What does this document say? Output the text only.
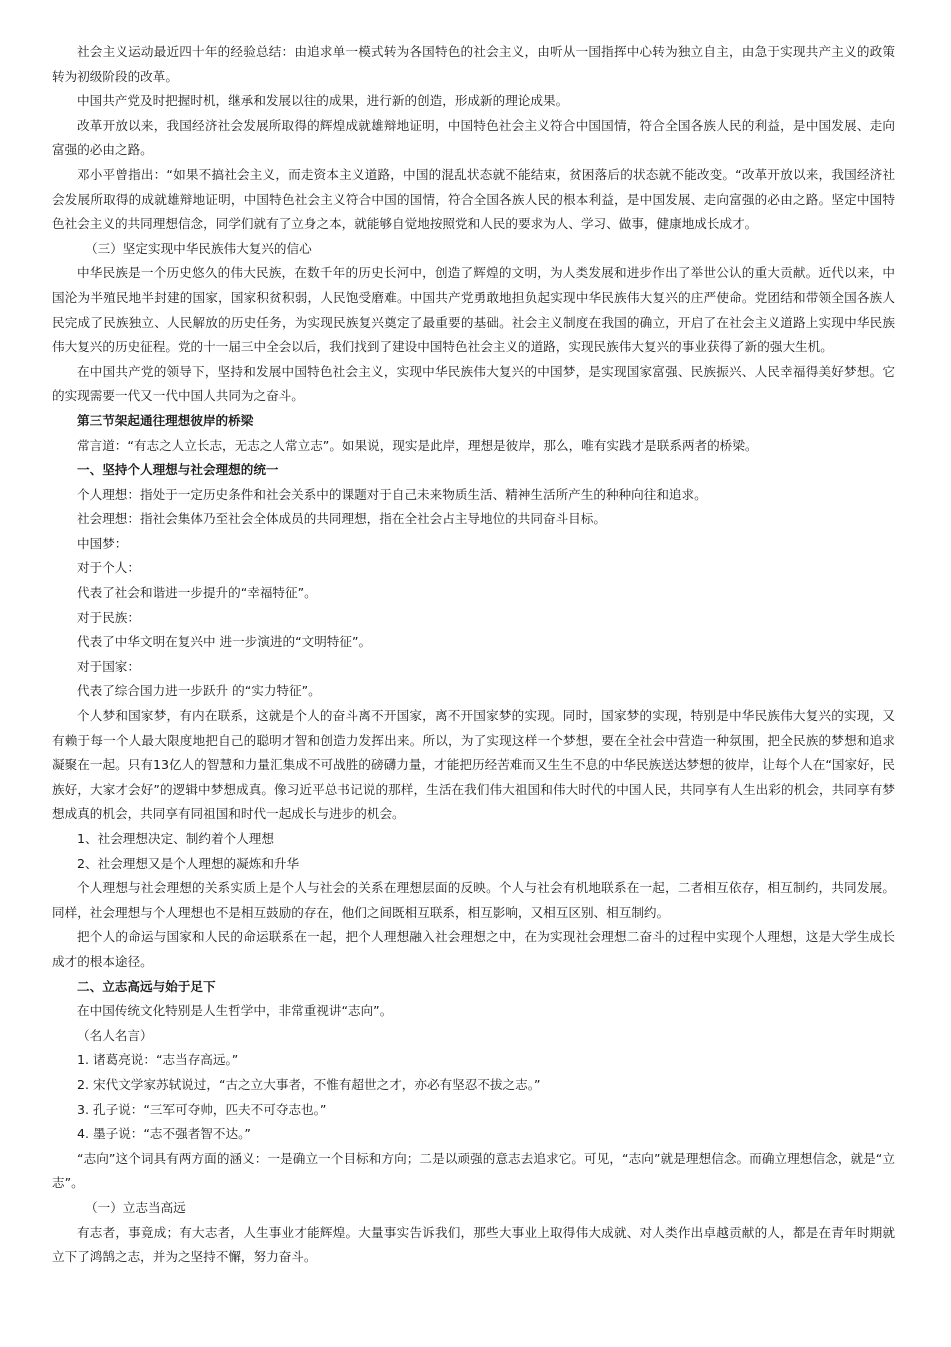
社会主义运动最近四十年的经验总结：由追求单一模式转为各国特色的社会主义，由听从一国指挥中心转为独立自主，由急于实现共产主义的政策转为初级阶段的改革。

中国共产党及时把握时机，继承和发展以往的成果，进行新的创造，形成新的理论成果。

改革开放以来，我国经济社会发展所取得的辉煌成就雄辩地证明，中国特色社会主义符合中国国情，符合全国各族人民的利益，是中国发展、走向富强的必由之路。

邓小平曾指出：“如果不搞社会主义，而走资本主义道路，中国的混乱状态就不能结束，贫困落后的状态就不能改变。“改革开放以来，我国经济社会发展所取得的成就雄辩地证明，中国特色社会主义符合中国的国情，符合全国各族人民的根本利益，是中国发展、走向富强的必由之路。坚定中国特色社会主义的共同理想信念，同学们就有了立身之本，就能够自觉地按照党和人民的要求为人、学习、做事，健康地成长成才。

（三）坚定实现中华民族伟大复兴的信心

中华民族是一个历史悠久的伟大民族，在数千年的历史长河中，创造了辉煌的文明，为人类发展和进步作出了举世公认的重大贡献。近代以来，中国沦为半殖民地半封建的国家，国家积贫积弱，人民饱受磨难。中国共产党勇敢地担负起实现中华民族伟大复兴的庄严使命。党团结和带领全国各族人民完成了民族独立、人民解放的历史任务，为实现民族复兴奠定了最重要的基础。社会主义制度在我国的确立，开启了在社会主义道路上实现中华民族伟大复兴的历史征程。党的十一届三中全会以后，我们找到了建设中国特色社会主义的道路，实现民族伟大复兴的事业获得了新的强大生机。

在中国共产党的领导下，坚持和发展中国特色社会主义，实现中华民族伟大复兴的中国梦，是实现国家富强、民族振兴、人民幸福得美好梦想。它的实现需要一代又一代中国人共同为之奋斗。

第三节架起通往理想彼岸的桥梁

常言道：“有志之人立长志，无志之人常立志”。如果说，现实是此岸，理想是彼岸，那么，唯有实践才是联系两者的桥梁。

一、坚持个人理想与社会理想的统一

个人理想：指处于一定历史条件和社会关系中的课题对于自己未来物质生活、精神生活所产生的种种向往和追求。

社会理想：指社会集体乃至社会全体成员的共同理想，指在全社会占主导地位的共同奋斗目标。

中国梦：

对于个人：

代表了社会和谐进一步提升的“幸福特征”。

对于民族：

代表了中华文明在复兴中 进一步演进的“文明特征”。

对于国家：

代表了综合国力进一步跃升 的“实力特征”。

个人梦和国家梦，有内在联系，这就是个人的奋斗离不开国家，离不开国家梦的实现。同时，国家梦的实现，特别是中华民族伟大复兴的实现，又有赖于每一个人最大限度地把自己的聪明才智和创造力发挥出来。所以，为了实现这样一个梦想，要在全社会中营造一种氛围，把全民族的梦想和追求凝聚在一起。只有13亿人的智慧和力量汇集成不可战胜的磅礴力量，才能把历经苦难而又生生不息的中华民族送达梦想的彼岸，让每个人在“国家好，民族好，大家才会好”的逻辑中梦想成真。像习近平总书记说的那样，生活在我们伟大祖国和伟大时代的中国人民，共同享有人生出彩的机会，共同享有梦想成真的机会，共同享有同祖国和时代一起成长与进步的机会。

1、社会理想决定、制约着个人理想

2、社会理想又是个人理想的凝炼和升华

个人理想与社会理想的关系实质上是个人与社会的关系在理想层面的反映。个人与社会有机地联系在一起，二者相互依存，相互制约，共同发展。同样，社会理想与个人理想也不是相互鼓励的存在，他们之间既相互联系，相互影响，又相互区别、相互制约。

把个人的命运与国家和人民的命运联系在一起，把个人理想融入社会理想之中，在为实现社会理想二奋斗的过程中实现个人理想，这是大学生成长成才的根本途径。

二、立志高远与始于足下

在中国传统文化特别是人生哲学中，非常重视讲“志向”。

（名人名言）

1. 诸葛亮说：“志当存高远。”

2. 宋代文学家苏轼说过，“古之立大事者，不惟有超世之才，亦必有坚忍不拔之志。”

3. 孔子说：“三军可夺帅，匹夫不可夺志也。”

4. 墨子说：“志不强者智不达。”

“志向”这个词具有两方面的涵义：一是确立一个目标和方向；二是以顽强的意志去追求它。可见，“志向”就是理想信念。而确立理想信念，就是“立志”。

（一）立志当高远

有志者，事竟成；有大志者，人生事业才能辉煌。大量事实告诉我们，那些大事业上取得伟大成就、对人类作出卓越贡献的人，都是在青年时期就立下了鸿鹄之志，并为之坚持不懈，努力奋斗。
